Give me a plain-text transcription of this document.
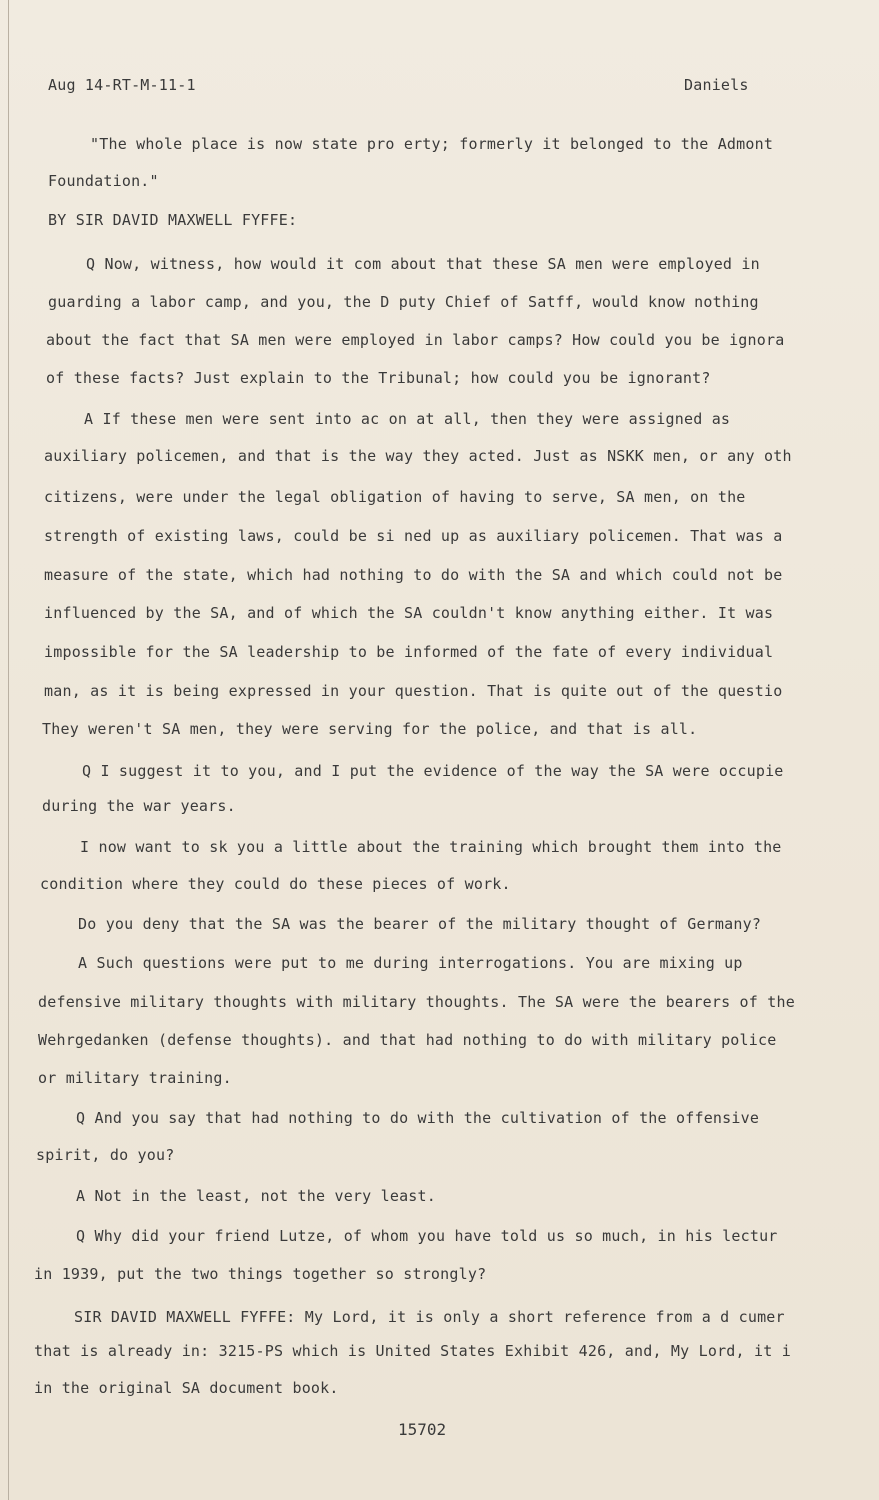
Aug 14-RT-M-11-1	Daniels
"The whole place is now state pro erty; formerly it belonged to the Admont
Foundation."
BY SIR DAVID MAXWELL FYFFE:
Q Now, witness, how would it com about that these SA men were employed in
guarding a labor camp, and you, the D puty Chief of Satff, would know nothing
about the fact that SA men were employed in labor camps? How could you be ignora
of these facts? Just explain to the Tribunal; how could you be ignorant?
A If these men were sent into ac on at all, then they were assigned as
auxiliary policemen, and that is the way they acted. Just as NSKK men, or any oth
citizens, were under the legal obligation of having to serve, SA men, on the
strength of existing laws, could be si ned up as auxiliary policemen. That was a
measure of the state, which had nothing to do with the SA and which could not be
influenced by the SA, and of which the SA couldn't know anything either. It was
impossible for the SA leadership to be informed of the fate of every individual
man, as it is being expressed in your question. That is quite out of the questio
They weren't SA men, they were serving for the police, and that is all.
Q I suggest it to you, and I put the evidence of the way the SA were occupie
during the war years.
I now want to sk you a little about the training which brought them into the
condition where they could do these pieces of work.
Do you deny that the SA was the bearer of the military thought of Germany?
A Such questions were put to me during interrogations. You are mixing up
defensive military thoughts with military thoughts. The SA were the bearers of the
Wehrgedanken (defense thoughts). and that had nothing to do with military police
or military training.
Q And you say that had nothing to do with the cultivation of the offensive
spirit, do you?
A Not in the least, not the very least.
Q Why did your friend Lutze, of whom you have told us so much, in his lectur
in 1939, put the two things together so strongly?
SIR DAVID MAXWELL FYFFE: My Lord, it is only a short reference from a d cumer
that is already in: 3215-PS which is United States Exhibit 426, and, My Lord, it i
in the original SA document book.
15702
